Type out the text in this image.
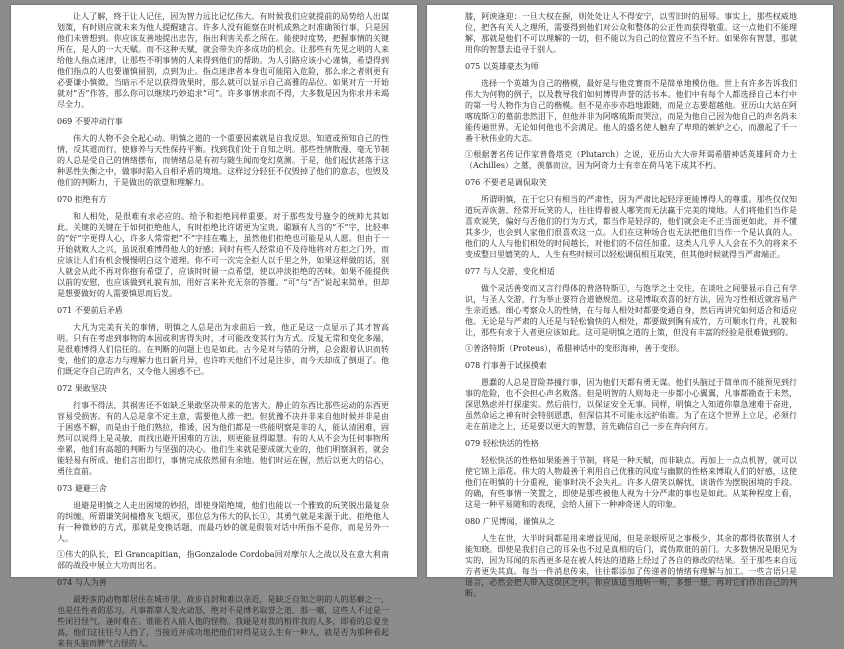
让人了解，终于让人记住，因为智力远比记忆伟大。有时候我们应就提前的局势给人出谋划策，有时则应就未来为他人提醒建言。许多人没有能察在时机成熟之时准确领行事，只是因他们未曾想到。你应该友善地提出忠告，指出利害关系之所在。能使时度势，把握事情的关键所在，是人的一大天赋。而不这种天赋，就会带失许多成功的机会。让那些有先见之明的人来给他人指点迷津，让那些不明事情的人来得到他们的帮助。为人引路应该小心谨慎，希望得到他们指点的人也要谨慎留别，点到为止。指点迷津者本身也可能陷入危险，那么求之者则更有必要谦小慎微。当暗示不足以获得效果时，那么就可以显示自己高雅的品位。如果对方一开始就对“否”作答，那么你可以继续巧妙追求“可”。许多事情求而不得，大多数是因为你求并未竭尽全力。

069 不要冲动行事

伟大的人物不会全起心动。明慎之道的一个重要因素就是自我反思。知道或预知自己的性情，反其道而行，使修养与天性保持平衡。找到我们处于自知之明。那些性情散漫、毫无节制的人总是受自己的情绪摆布，而情绪总是有初与随生闻而变幻莫测。于是，他们起伏甚落于这种恶性失衡之中，做事时陷入自相矛盾的境地。这样过分轻狂不仅毁掉了他们的意志，也毁及他们的判断力，于是做出的欲望和理解力。

070 拒绝有方

和人相处，是很难有求必应的。给予和拒绝同样重要。对于那些发号施令的统帅尤其如此。关键的关键在于如何拒绝他人，有时拒绝比许诺更为宝贵。聪颖有人当的“不”字，比轻率的“好”字更得人心，许多人常常把“不”字挂在嘴上，虽然他们拒绝也可能是从人愿。但由于一开始就败人之兴，虽说很难博得他人的好感；同时有些人经常迫不及待地将对方拒之门外，而应该让人们有机会慢慢明白这个道理。你不可一次完全拒人以千里之外，如果这样做的话，别人就会从此不再对你抱有希望了，应该时时留一点希望，使以冲淡拒绝的苦味。如果不能提供以前的安慰，也应该做到礼貌有加，用好言来补充无奈的答覆。“可”与“否”说起来简单，但却是想要做好的人需要慎思而后发。

071 不要前后矛盾

大凡为完美有关的事情，明慎之人总是出为求前后一致，他正是这一点显示了其才智高明。只有在考虑到事物的本因或利害得失时，才可能改变其行为方式。反复无常和变化多端，是很难博得人们信任的。在判断的问题上也是如此。古今是对与错的分辨，总会跟着认识而转变，他们的意志力与理解力也日新月异，也许昨天他们不过是注步，而今天却成了倒退了。他们既定夺自己的声名，又令他人困惑不已。

072 果敢坚决

行事不得法，其祸害还不如缺乏果敢坚决带来的危害大。静止的东西比那些运动的东西更容易受损害。有的人总是拿不定主意，需要他人推一把。但犹豫不决并非来自他时候并非是由于困惑不解，而是由于他们熟拉，推诿，因为他们都是一些能明察是非的人，能认清困难，固然可以说得上是灵敏，而找出避开困难的方法，则更能显得聪慧。有的人从不会为任何事物所牵累，他们有高超的判断力与坚强的决心。他们生来就是要成就大业的，他们明察洞若，就会能轻易有所成。他们言出即行，事情完成依然留有余地。他们时运在握，然后以更大的信心，勇往直前。

073 避避三舍

退避是明慎之人走出困境的妙招，即使身陷绝境，他们也能以一个雅致的玩笑脱出最复杂的纠缠。所谓谦笑间樯橹灰飞烟灭，那位总为伟大的队长①，其勇气就是来源于此。拒绝他人有一种微妙的方式，那就是变换话题，而最巧妙的就是假装对话中所指不是你，而是另外一人。

①伟大的队长，El Grancapitian，指Gonzalode Cordoba回对摩尔人之战以及在意大利南部的战役中展立大功而出名。

074 与人为善

最野蛮的动物都居住在城市里。故步自封和难以亲近，是缺乏自知之明的人的恶癖之一，也是任性者的恶习。凡事都靠人发火动怒，绝对不是博名取誉之道。那一哪，这些人不过是一些闭目怪气，逢时难在。谁能若入能人他的怪物。我碰是对我的相伴我的人多，即看的总爱坐高，他们这往往与人挡了，当接近并成功地把他们对得是这么生有一种人，就是否为那种看起来有头脑而脾气古怪的人。

膝，阿谀逢迎：一旦大权在握，则处处让人不得安宁，以雪旧时的屈辱。事实上，那些权威地位，把各有关人之理所，需要得到他们对公众和整体的公正性而获得敬重。这一点他们不能理解，那就是他们不可以理解的一切，但不能以为自己的位置应不当不好。如果你有智慧，那就用你的智慧去追寻于别人。

075 以英雄豪杰为师

选择一个英雄为自己的楷模，最好是与他竞赛而不是简单地模仿他。世上有许多告诉我们伟大为何物的例子，以及教导我们如何博得声誉的活书本。他们中有每个人都选择自己本行中的第一号人物作为自己的楷模。但不是亦步亦趋地跟随，而是立志要超越他。亚历山大站在阿喀琉斯①的墓前悲然泪下，但他并非为阿喀琉斯而哭泣，而是为他自己因为他自己的声名尚未能传遍世界。无论如何他也不会满足。他人的盛名使人触弃了卑琐的嫉妒之心，而激起了千一番干秋伟业的大志。

①根据著名传记作家普鲁塔克（Plutarch）之说，亚历山大大帝拜谒希腊神话英雄阿奇力士（Achilles）之墓，羡慕而泣，因为阿奇力士有幸在荷马笔下成其不朽。

076 不要老是调侃取笑

所谓明慎，在于它只有相当的严肃性，因为严肃比起轻浮更能博得人的尊重。那些仅仅知道玩弄诙谐、经常开玩笑的人，往往得着被人哪笑而无法赢于完美的境地。人们将他们当作是喜欢说笑，偏好与否他们的行为方式，都当作是轻浮的，他们就会走不正当面更如此，并不懂其多少，也会到人家他们很喜欢这一点。人们在这种场合也无法把他们当作一个是认真的人。他们的人人与他们相处的时间越长，对他们的不信任加重。这类人几乎人人会在不久的将来不变成整日里嬉笑的人、人生有些时候可以轻松调侃相互取笑，但其他时候就得当严肃端正。

077 与人交游，变化相适

做个灵活善变而又言行得体的普洛特斯①，与饱学之士交往，在谈吐之间要显示自己有学识，与圣人交游，行为举止要符合道德规范。这是博取欢喜的好方法，因为习性相近就容易产生亲近感。细心考察众人的性情，在与每人相处时都要变通自身，然后再讲究如何适合和适应他。无论是与严肃的人还是与轻松愉快的人相处，都要做到胸有成竹，方可顺水行舟，礼貌和让，那些有求于人者更应该如此。这可是明慎之道的上策，但没有丰富的经验是很难做到的。

①普洛特斯（Proteus），希腊神话中的变形海神，善于变形。

078 行事善于试探摸索

愚蠢的人总是冒险莽撞行事，因为他们天都有勇无谋。他们头脑过于简单而不能预见到行事的危险，也不会担心声名败落。但是明智的人则每走一步都小心翼翼，凡事都勘查于未然，深思熟虑并打探虚实。然后前行，以保证安全无事。同样，明慎之人知道你靠急速难于奋进，虽然命运之神有时会特别恩惠，但深信其不可能永远护佑谁。为了在这个世界上立足，必须行走在前途之上，还是要以更大的智慧，首先确信自己一步在奔向何方。

079 轻松快活的性格

轻松快活的性格如果能善于节制，将是一种天赋，而非缺点。再加上一点点机智，就可以使它锦上添花。伟大的人物最善于利用自己优雅的风度与幽默的性格来博取人们的好感，这使他们在明慎的十分重视，能事时决不会失礼。许多人借笑以解忧，谈谐作为摆脱困境的手段。的确，有些事情一笑置之，即使是那些被他人视为十分严肃的事也是如此。从某种程度上看，这是一种平易随和的表现，会给人留下一种神奇迷人的印象。

080 广见博闻，谨慎从之

人生在世，大半时间都是用来增益见闻，但是亲眼所见之事极少，其余的都得依靠别人才能知晓。即使是我们自己的耳朵也不过是真相的后门，谎伪欺诳的前门。大多数情况是眼见为实的，因为耳闻的东西更多是在被人转达的道路上经过了各自的修改的结果。至于那些来自远方者更失其真。每当一件消息传来，往往都添加了传递者的情绪有理解与加工。一些言语只是谣言，必然会把人带入这误区之中。你应该适当地听一听，多想一想，再对它们作出自己的判断。
